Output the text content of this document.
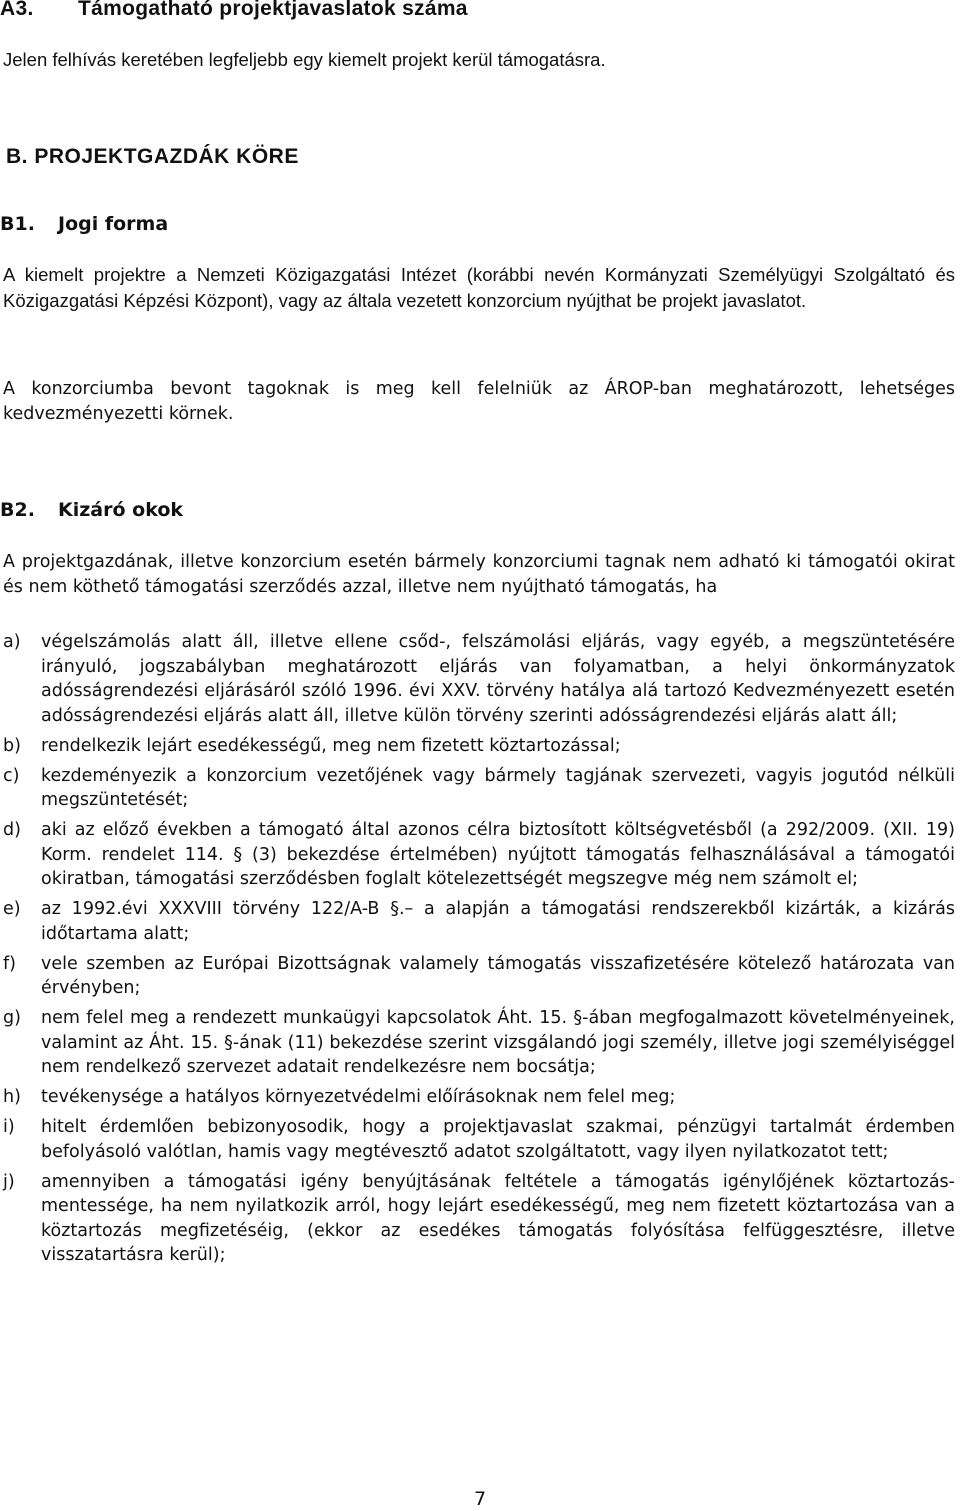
A3. Támogatható projektjavaslatok száma

Jelen felhívás keretében legfeljebb egy kiemelt projekt kerül támogatásra.

B. PROJEKTGAZDÁK KÖRE
B1. Jogi forma

A kiemelt projektre a Nemzeti Közigazgatási Intézet (korábbi nevén Kormányzati Személyügyi Szolgáltató és Közigazgatási Képzési Központ), vagy az általa vezetett konzorcium nyújthat be projekt javaslatot.

A konzorciumba bevont tagoknak is meg kell felelniük az ÁROP-ban meghatározott, lehetséges kedvezményezetti körnek.

B2. Kizáró okok

A projektgazdának, illetve konzorcium esetén bármely konzorciumi tagnak nem adható ki támogatói okirat és nem köthető támogatási szerződés azzal, illetve nem nyújtható támogatás, ha

a)	végelszámolás alatt áll, illetve ellene csőd-, felszámolási eljárás, vagy egyéb, a megszüntetésére irányuló, jogszabályban meghatározott eljárás van folyamatban, a helyi önkormányzatok adósságrendezési eljárásáról szóló 1996. évi XXV. törvény hatálya alá tartozó Kedvezményezett esetén adósságrendezési eljárás alatt áll, illetve külön törvény szerinti adósságrendezési eljárás alatt áll;
b)	rendelkezik lejárt esedékességű, meg nem fizetett köztartozással;
c)	kezdeményezik a konzorcium vezetőjének vagy bármely tagjának szervezeti, vagyis jogutód nélküli megszüntetését;
d)	aki az előző években a támogató által azonos célra biztosított költségvetésből (a 292/2009. (XII. 19) Korm. rendelet 114. § (3) bekezdése értelmében) nyújtott támogatás felhasználásával a támogatói okiratban, támogatási szerződésben foglalt kötelezettségét megszegve még nem számolt el;
e)	az 1992.évi XXXVIII törvény 122/A-B §.– a alapján a támogatási rendszerekből kizárták, a kizárás időtartama alatt;
f)	vele szemben az Európai Bizottságnak valamely támogatás visszafizetésére kötelező határozata van érvényben;
g)	nem felel meg a rendezett munkaügyi kapcsolatok Áht. 15. §-ában megfogalmazott követelményeinek, valamint az Áht. 15. §-ának (11) bekezdése szerint vizsgálandó jogi személy, illetve jogi személyiséggel nem rendelkező szervezet adatait rendelkezésre nem bocsátja;
h)	tevékenysége a hatályos környezetvédelmi előírásoknak nem felel meg;
i)	hitelt érdemlően bebizonyosodik, hogy a projektjavaslat szakmai, pénzügyi tartalmát érdemben befolyásoló valótlan, hamis vagy megtévesztő adatot szolgáltatott, vagy ilyen nyilatkozatot tett;
j)	amennyiben a támogatási igény benyújtásának feltétele a támogatás igénylőjének köztartozás-mentessége, ha nem nyilatkozik arról, hogy lejárt esedékességű, meg nem fizetett köztartozása van a köztartozás megfizetéséig, (ekkor az esedékes támogatás folyósítása felfüggesztésre, illetve visszatartásra kerül);

7
